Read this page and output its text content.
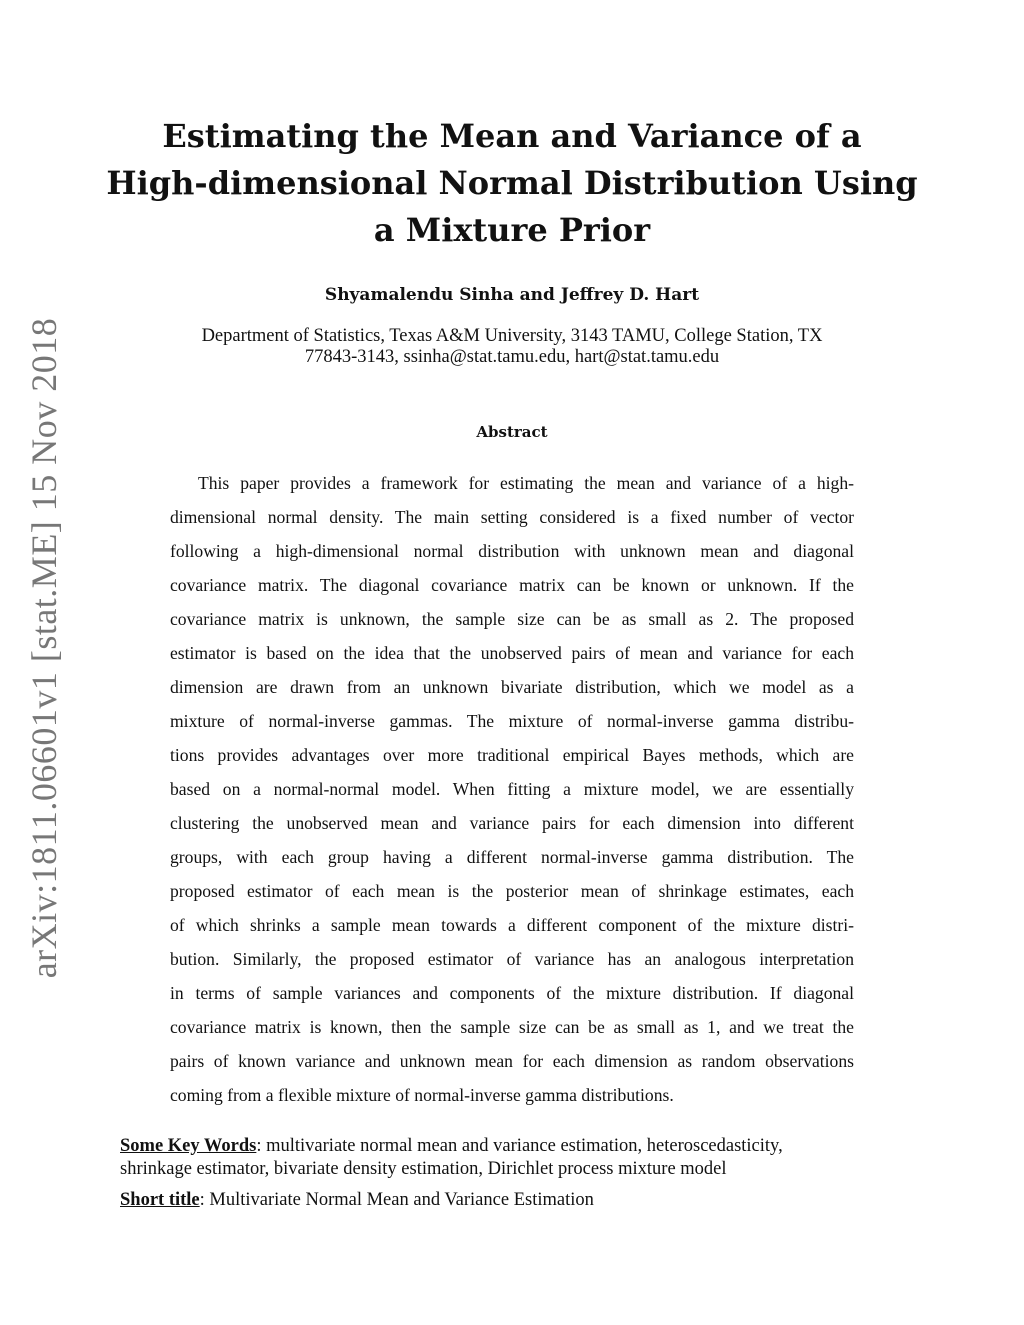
arXiv:1811.06601v1 [stat.ME] 15 Nov 2018
Estimating the Mean and Variance of a
High-dimensional Normal Distribution Using
a Mixture Prior

Shyamalendu Sinha and Jeffrey D. Hart

Department of Statistics, Texas A&M University, 3143 TAMU, College Station, TX
77843-3143, ssinha@stat.tamu.edu, hart@stat.tamu.edu

Abstract
This paper provides a framework for estimating the mean and variance of a high-
dimensional normal density. The main setting considered is a fixed number of vector
following a high-dimensional normal distribution with unknown mean and diagonal
covariance matrix. The diagonal covariance matrix can be known or unknown. If the
covariance matrix is unknown, the sample size can be as small as 2. The proposed
estimator is based on the idea that the unobserved pairs of mean and variance for each
dimension are drawn from an unknown bivariate distribution, which we model as a
mixture of normal-inverse gammas. The mixture of normal-inverse gamma distribu-
tions provides advantages over more traditional empirical Bayes methods, which are
based on a normal-normal model. When fitting a mixture model, we are essentially
clustering the unobserved mean and variance pairs for each dimension into different
groups, with each group having a different normal-inverse gamma distribution. The
proposed estimator of each mean is the posterior mean of shrinkage estimates, each
of which shrinks a sample mean towards a different component of the mixture distri-
bution. Similarly, the proposed estimator of variance has an analogous interpretation
in terms of sample variances and components of the mixture distribution. If diagonal
covariance matrix is known, then the sample size can be as small as 1, and we treat the
pairs of known variance and unknown mean for each dimension as random observations
coming from a flexible mixture of normal-inverse gamma distributions.
Some Key Words: multivariate normal mean and variance estimation, heteroscedasticity,
shrinkage estimator, bivariate density estimation, Dirichlet process mixture model
Short title: Multivariate Normal Mean and Variance Estimation
